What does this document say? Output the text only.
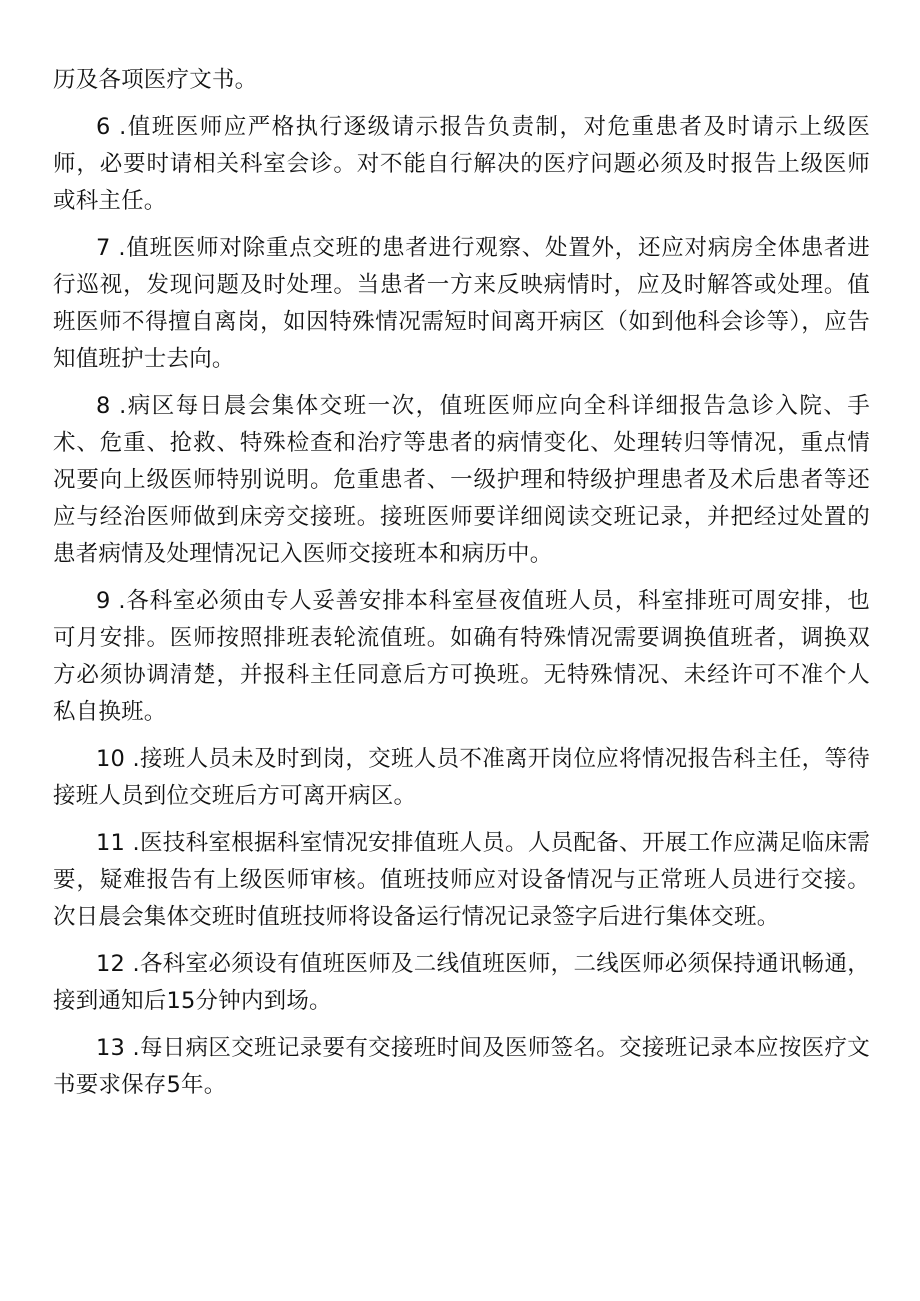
历及各项医疗文书。

6 .值班医师应严格执行逐级请示报告负责制，对危重患者及时请示上级医师，必要时请相关科室会诊。对不能自行解决的医疗问题必须及时报告上级医师或科主任。

7 .值班医师对除重点交班的患者进行观察、处置外，还应对病房全体患者进行巡视，发现问题及时处理。当患者一方来反映病情时，应及时解答或处理。值班医师不得擅自离岗，如因特殊情况需短时间离开病区（如到他科会诊等），应告知值班护士去向。

8 .病区每日晨会集体交班一次，值班医师应向全科详细报告急诊入院、手术、危重、抢救、特殊检查和治疗等患者的病情变化、处理转归等情况，重点情况要向上级医师特别说明。危重患者、一级护理和特级护理患者及术后患者等还应与经治医师做到床旁交接班。接班医师要详细阅读交班记录，并把经过处置的患者病情及处理情况记入医师交接班本和病历中。

9 .各科室必须由专人妥善安排本科室昼夜值班人员，科室排班可周安排，也可月安排。医师按照排班表轮流值班。如确有特殊情况需要调换值班者，调换双方必须协调清楚，并报科主任同意后方可换班。无特殊情况、未经许可不准个人私自换班。

10 .接班人员未及时到岗，交班人员不准离开岗位应将情况报告科主任，等待接班人员到位交班后方可离开病区。

11 .医技科室根据科室情况安排值班人员。人员配备、开展工作应满足临床需要，疑难报告有上级医师审核。值班技师应对设备情况与正常班人员进行交接。次日晨会集体交班时值班技师将设备运行情况记录签字后进行集体交班。

12 .各科室必须设有值班医师及二线值班医师，二线医师必须保持通讯畅通，接到通知后15分钟内到场。

13 .每日病区交班记录要有交接班时间及医师签名。交接班记录本应按医疗文书要求保存5年。
